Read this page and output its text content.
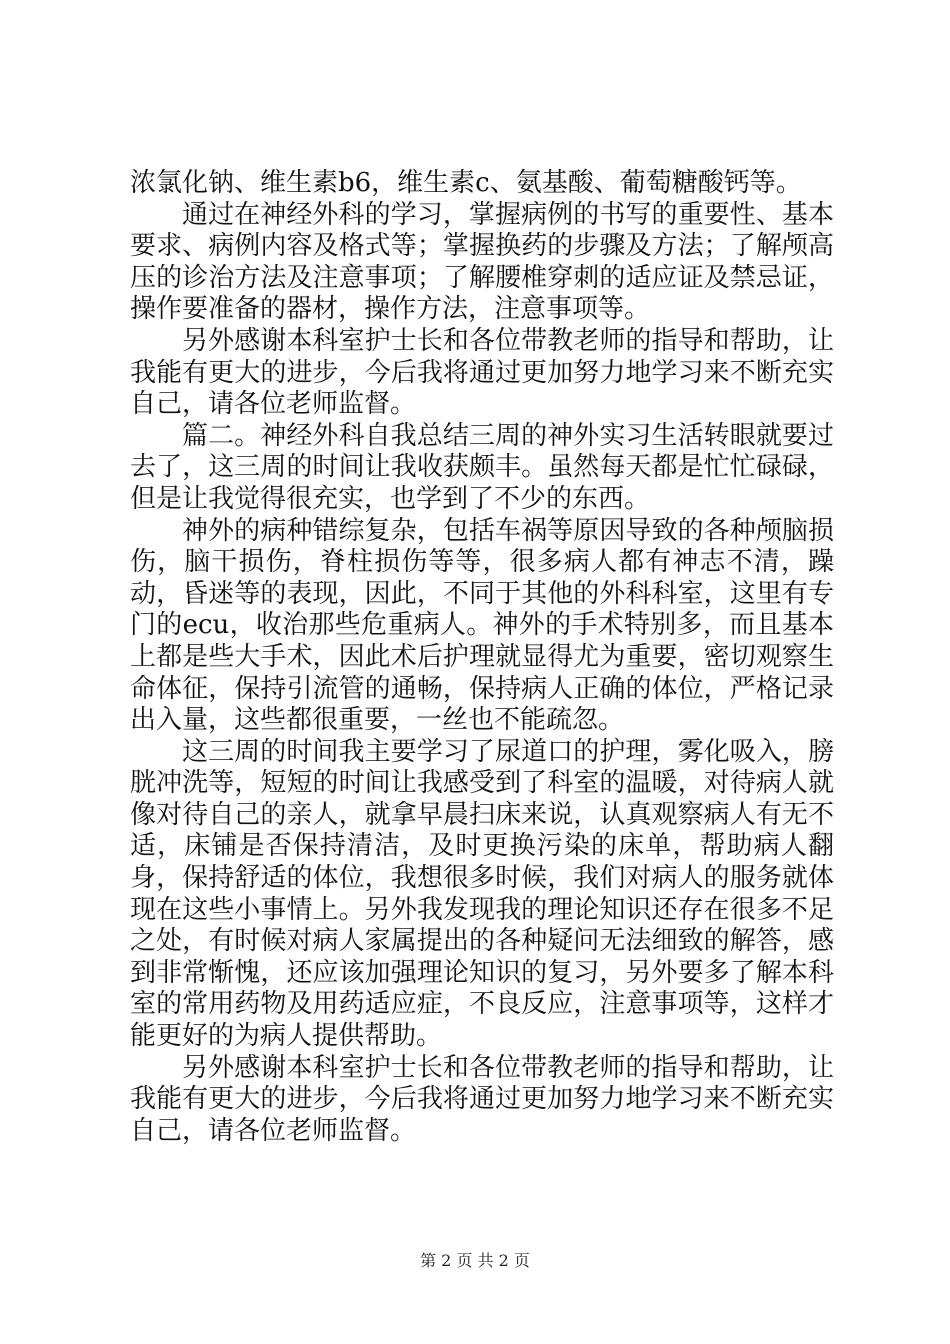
浓氯化钠、维生素b6，维生素c、氨基酸、葡萄糖酸钙等。

通过在神经外科的学习，掌握病例的书写的重要性、基本要求、病例内容及格式等；掌握换药的步骤及方法；了解颅高压的诊治方法及注意事项；了解腰椎穿刺的适应证及禁忌证，操作要准备的器材，操作方法，注意事项等。

另外感谢本科室护士长和各位带教老师的指导和帮助，让我能有更大的进步，今后我将通过更加努力地学习来不断充实自己，请各位老师监督。

篇二。神经外科自我总结三周的神外实习生活转眼就要过去了，这三周的时间让我收获颇丰。虽然每天都是忙忙碌碌，但是让我觉得很充实，也学到了不少的东西。

神外的病种错综复杂，包括车祸等原因导致的各种颅脑损伤，脑干损伤，脊柱损伤等等，很多病人都有神志不清，躁动，昏迷等的表现，因此，不同于其他的外科科室，这里有专门的ecu，收治那些危重病人。神外的手术特别多，而且基本上都是些大手术，因此术后护理就显得尤为重要，密切观察生命体征，保持引流管的通畅，保持病人正确的体位，严格记录出入量，这些都很重要，一丝也不能疏忽。

这三周的时间我主要学习了尿道口的护理，雾化吸入，膀胱冲洗等，短短的时间让我感受到了科室的温暖，对待病人就像对待自己的亲人，就拿早晨扫床来说，认真观察病人有无不适，床铺是否保持清洁，及时更换污染的床单，帮助病人翻身，保持舒适的体位，我想很多时候，我们对病人的服务就体现在这些小事情上。另外我发现我的理论知识还存在很多不足之处，有时候对病人家属提出的各种疑问无法细致的解答，感到非常惭愧，还应该加强理论知识的复习，另外要多了解本科室的常用药物及用药适应症，不良反应，注意事项等，这样才能更好的为病人提供帮助。

另外感谢本科室护士长和各位带教老师的指导和帮助，让我能有更大的进步，今后我将通过更加努力地学习来不断充实自己，请各位老师监督。

第 2 页 共 2 页
